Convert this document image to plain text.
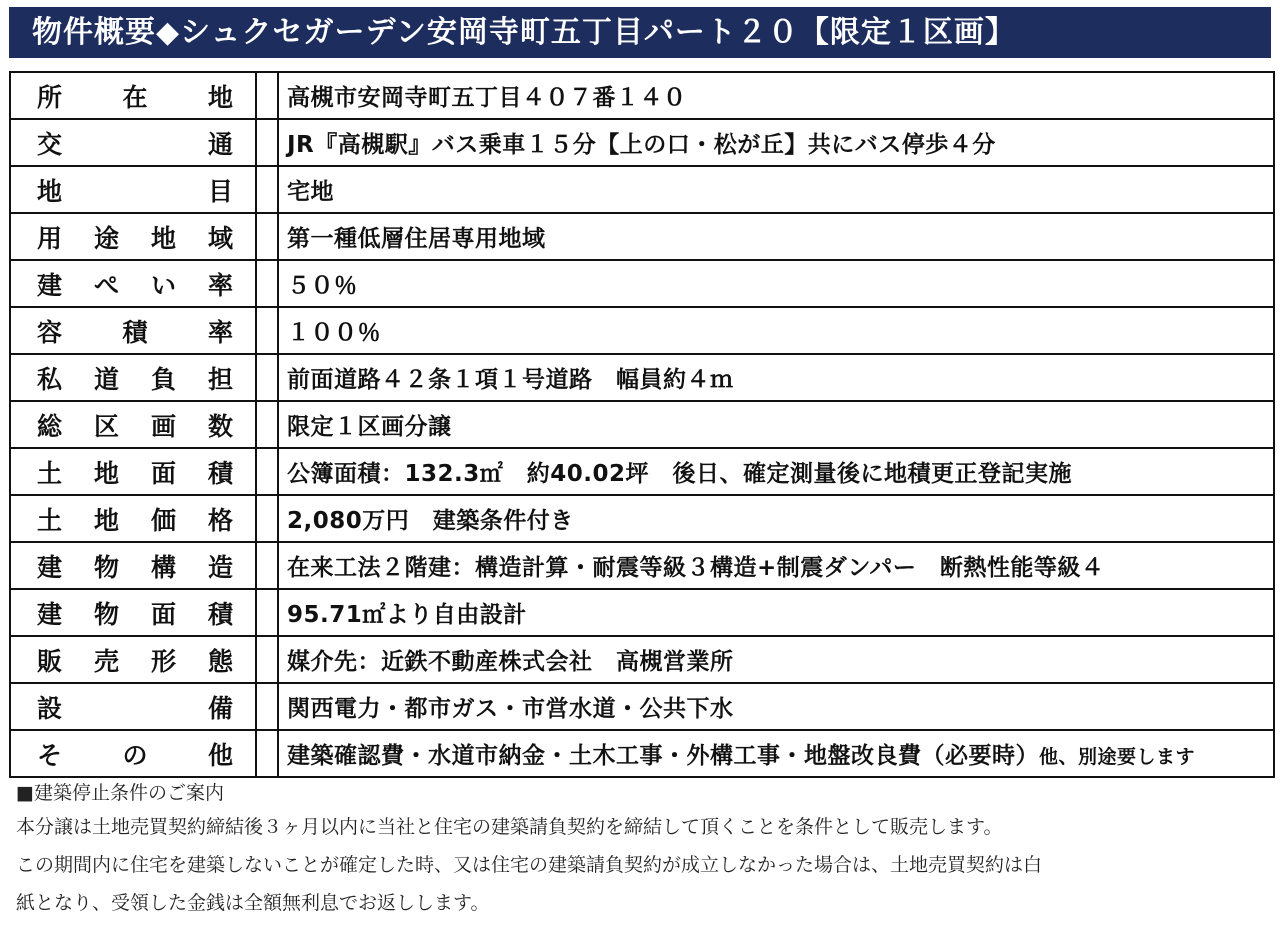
物件概要◆シュクセガーデン安岡寺町五丁目パート２０【限定１区画】
所 在 地		高槻市安岡寺町五丁目４０７番１４０

交 通		JR『高槻駅』バス乗車１５分【上の口・松が丘】共にバス停歩４分

地 目		宅地

用 途 地 域		第一種低層住居専用地域

建 ぺ い 率		５０％

容 積 率		１００％

私 道 負 担		前面道路４２条１項１号道路　幅員約４ｍ

総 区 画 数		限定１区画分譲

土 地 面 積		公簿面積：132.3㎡　約40.02坪　後日、確定測量後に地積更正登記実施

土 地 価 格		2,080万円　建築条件付き

建 物 構 造		在来工法２階建：構造計算・耐震等級３構造+制震ダンパー　断熱性能等級４

建 物 面 積		95.71㎡より自由設計

販 売 形 態		媒介先：近鉄不動産株式会社　高槻営業所

設 備		関西電力・都市ガス・市営水道・公共下水

そ の 他		建築確認費・水道市納金・土木工事・外構工事・地盤改良費（必要時）他、別途要します
■建築停止条件のご案内
本分譲は土地売買契約締結後３ヶ月以内に当社と住宅の建築請負契約を締結して頂くことを条件として販売します。
この期間内に住宅を建築しないことが確定した時、又は住宅の建築請負契約が成立しなかった場合は、土地売買契約は白
紙となり、受領した金銭は全額無利息でお返しします。
